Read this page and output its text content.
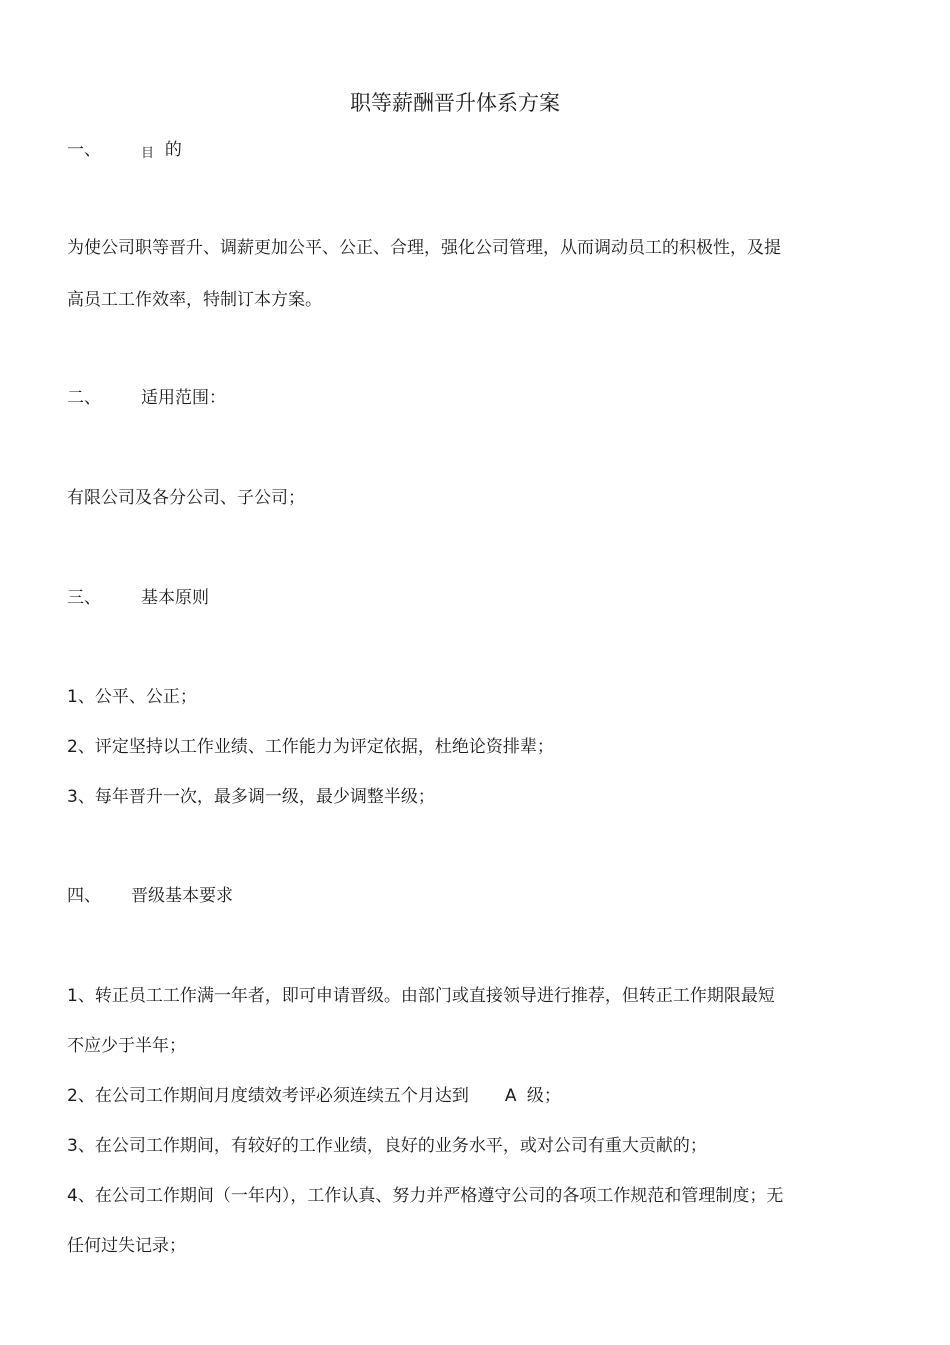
职等薪酬晋升体系方案
一、	目 的
为使公司职等晋升、调薪更加公平、公正、合理，强化公司管理，从而调动员工的积极性，及提
高员工工作效率，特制订本方案。
二、 适用范围：
有限公司及各分公司、子公司；
三、 基本原则
1、公平、公正；
2、评定坚持以工作业绩、工作能力为评定依据，杜绝论资排辈；
3、每年晋升一次，最多调一级，最少调整半级；
四、 晋级基本要求
1、转正员工工作满一年者，即可申请晋级。由部门或直接领导进行推荐，但转正工作期限最短
不应少于半年；
2、在公司工作期间月度绩效考评必须连续五个月达到 A 级；
3、在公司工作期间，有较好的工作业绩，良好的业务水平，或对公司有重大贡献的；
4、在公司工作期间（一年内），工作认真、努力并严格遵守公司的各项工作规范和管理制度；无
任何过失记录；
